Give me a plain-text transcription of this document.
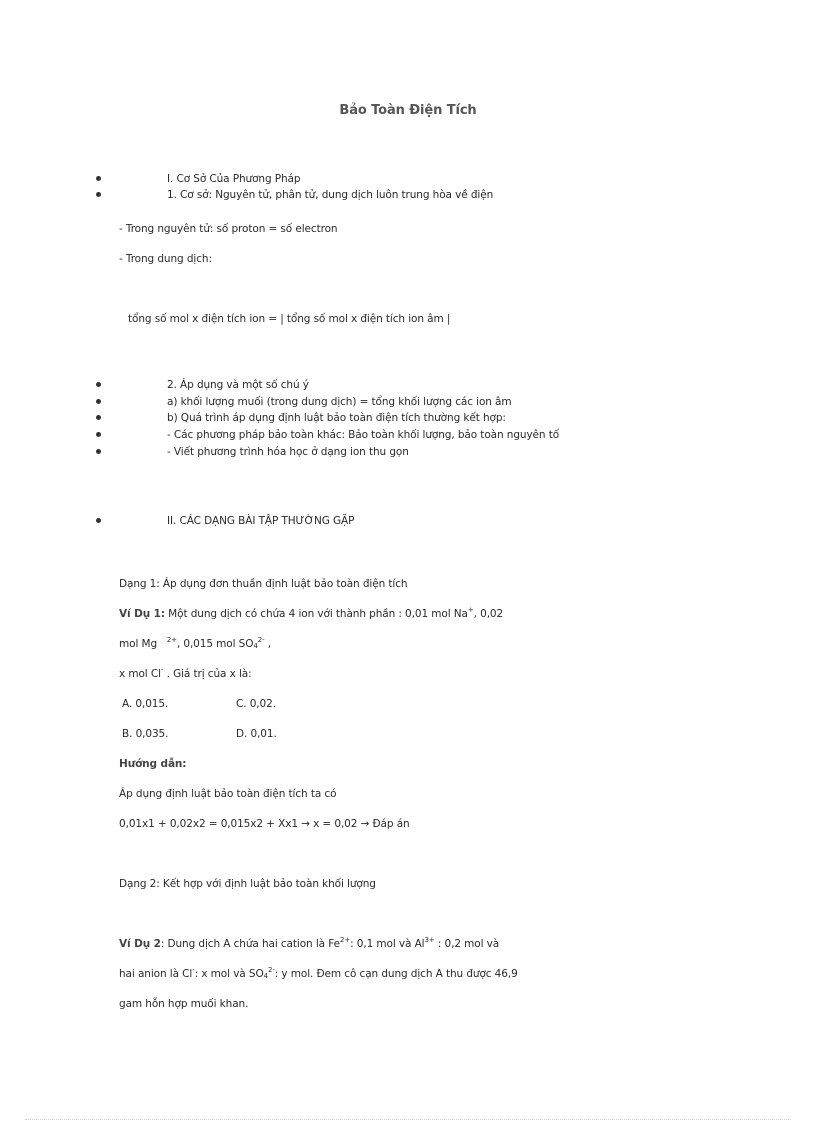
Bảo Toàn Điện Tích
I. Cơ Sở Của Phương Pháp
1. Cơ sở: Nguyên tử, phân tử, dung dịch luôn trung hòa về điện
- Trong nguyên tử: số proton = số electron
- Trong dung dịch:
tổng số mol x điện tích ion = | tổng số mol x điện tích ion âm |
2. Áp dụng và một số chú ý
a) khối lượng muối (trong dung dịch) = tổng khối lượng các ion âm
b) Quá trình áp dụng định luật bảo toàn điện tích thường kết hợp:
- Các phương pháp bảo toàn khác: Bảo toàn khối lượng, bảo toàn nguyên tố
- Viết phương trình hóa học ở dạng ion thu gọn
II. CÁC DẠNG BÀI TẬP THƯỜNG GẶP
Dạng 1: Áp dụng đơn thuần định luật bảo toàn điện tích
Ví Dụ 1: Một dung dịch có chứa 4 ion với thành phần : 0,01 mol Na+, 0,02
mol Mg $^{2+}$, 0,015 mol $SO_4^{2-}$ ,
x mol Cl- . Giá trị của x là:
A. 0,015.	C. 0,02.
B. 0,035.	D. 0,01.
Hướng dẫn:
Áp dụng định luật bảo toàn điện tích ta có
0,01x1 + 0,02x2 = 0,015x2 + Xx1 → x = 0,02 → Đáp án
Dạng 2: Kết hợp với định luật bảo toàn khối lượng
Ví Dụ 2: Dung dịch A chứa hai cation là $Fe^{2+}$: 0,1 mol và $Al^{3+}$ : 0,2 mol và
hai anion là Cl-: x mol và $SO_4^{2-}$: y mol. Đem cô cạn dung dịch A thu được 46,9
gam hỗn hợp muối khan.
